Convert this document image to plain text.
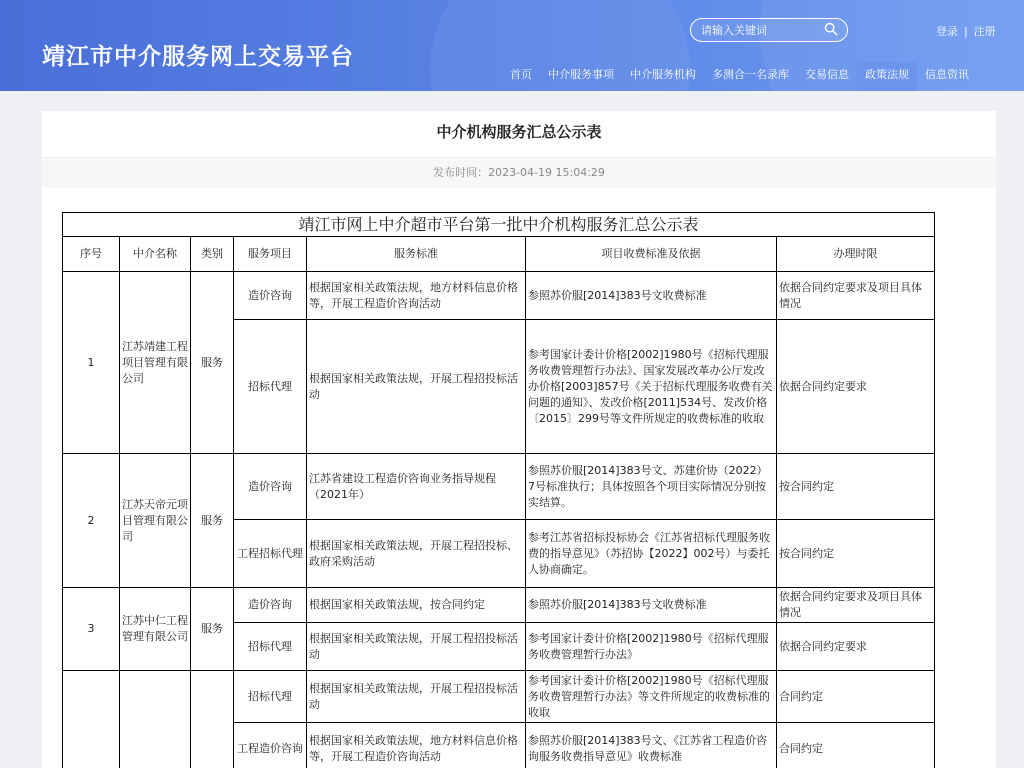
靖江市中介服务网上交易平台
请输入关键词
登录 | 注册
首页	中介服务事项	中介服务机构	多测合一名录库	交易信息	政策法规	信息资讯
中介机构服务汇总公示表
发布时间：2023-04-19 15:04:29
靖江市网上中介超市平台第一批中介机构服务汇总公示表						
序号	中介名称	类别	服务项目	服务标准	项目收费标准及依据	办理时限
1	江苏靖建工程项目管理有限公司	服务	造价咨询	根据国家相关政策法规，地方材料信息价格等，开展工程造价咨询活动	参照苏价服[2014]383号文收费标准	依据合同约定要求及项目具体情况
			招标代理	根据国家相关政策法规，开展工程招投标活动	参考国家计委计价格[2002]1980号《招标代理服务收费管理暂行办法》、国家发展改革办公厅发改办价格[2003]857号《关于招标代理服务收费有关问题的通知》、发改价格[2011]534号、发改价格〔2015〕299号等文件所规定的收费标准的收取	依据合同约定要求
2	江苏天帝元项目管理有限公司	服务	造价咨询	江苏省建设工程造价咨询业务指导规程（2021年）	参照苏价服[2014]383号文、苏建价协（2022）7号标准执行；具体按照各个项目实际情况分别按实结算。	按合同约定
			工程招标代理	根据国家相关政策法规，开展工程招投标、政府采购活动	参考江苏省招标投标协会《江苏省招标代理服务收费的指导意见》（苏招协【2022】002号）与委托人协商确定。	按合同约定
3	江苏中仁工程管理有限公司	服务	造价咨询	根据国家相关政策法规，按合同约定	参照苏价服[2014]383号文收费标准	依据合同约定要求及项目具体情况
			招标代理	根据国家相关政策法规，开展工程招投标活动	参考国家计委计价格[2002]1980号《招标代理服务收费管理暂行办法》	依据合同约定要求
			招标代理	根据国家相关政策法规，开展工程招投标活动	参考国家计委计价格[2002]1980号《招标代理服务收费管理暂行办法》等文件所规定的收费标准的收取	合同约定
			工程造价咨询	根据国家相关政策法规，地方材料信息价格等，开展工程造价咨询活动	参照苏价服[2014]383号文、《江苏省工程造价咨询服务收费指导意见》收费标准	合同约定
